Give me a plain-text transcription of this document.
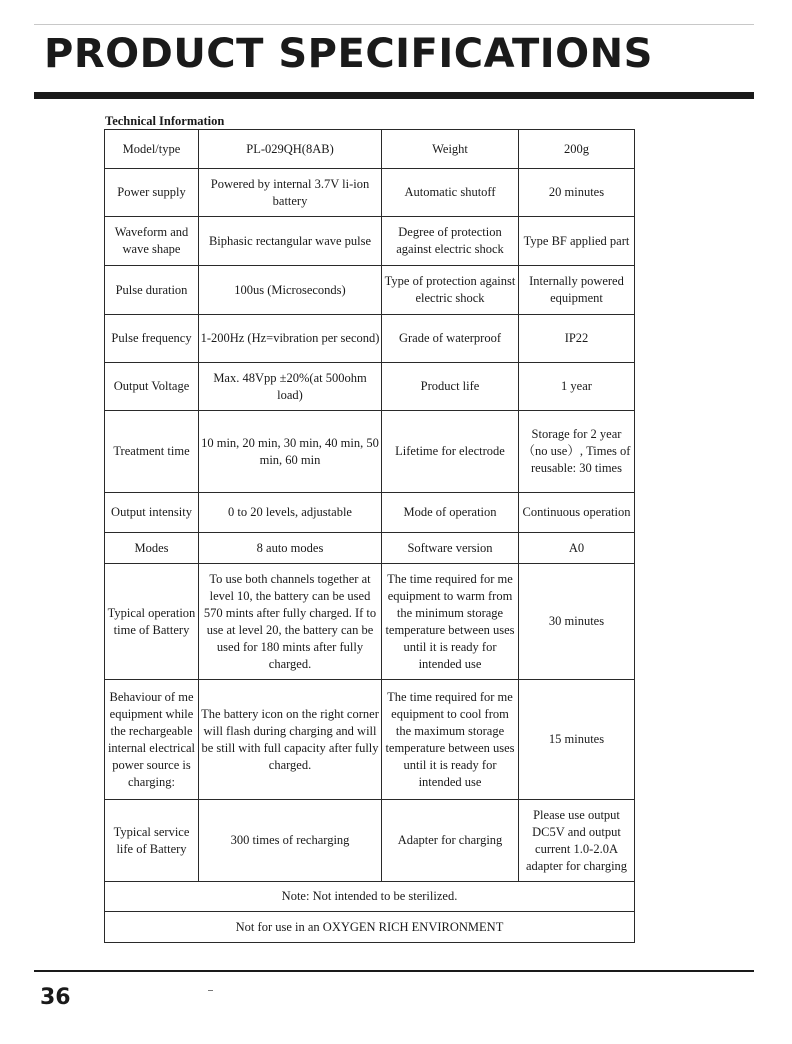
PRODUCT SPECIFICATIONS
Technical Information
Model/type	PL-029QH(8AB)	Weight	200g
Power supply	Powered by internal 3.7V li-ion battery	Automatic shutoff	20 minutes
Waveform and wave shape	Biphasic rectangular wave pulse	Degree of protection against electric shock	Type BF applied part
Pulse duration	100us (Microseconds)	Type of protection against electric shock	Internally powered equipment
Pulse frequency	1-200Hz (Hz=vibration per second)	Grade of waterproof	IP22
Output Voltage	Max. 48Vpp ±20%(at 500ohm load)	Product life	1 year
Treatment time	10 min, 20 min, 30 min, 40 min, 50 min, 60 min	Lifetime for electrode	Storage for 2 year（no use）, Times of reusable: 30 times
Output intensity	0 to 20 levels, adjustable	Mode of operation	Continuous operation
Modes	8 auto modes	Software version	A0
Typical operation time of Battery	To use both channels together at level 10, the battery can be used 570 mints after fully charged. If to use at level 20, the battery can be used for 180 mints after fully charged.	The time required for me equipment to warm from the minimum storage temperature between uses until it is ready for intended use	30 minutes
Behaviour of me equipment while the rechargeable internal electrical power source is charging:	The battery icon on the right corner will flash during charging and will be still with full capacity after fully charged.	The time required for me equipment to cool from the maximum storage temperature between uses until it is ready for intended use	15 minutes
Typical service life of Battery	300 times of recharging	Adapter for charging	Please use output DC5V and output current 1.0-2.0A adapter for charging
Note: Not intended to be sterilized.			
Not for use in an OXYGEN RICH ENVIRONMENT			
36
